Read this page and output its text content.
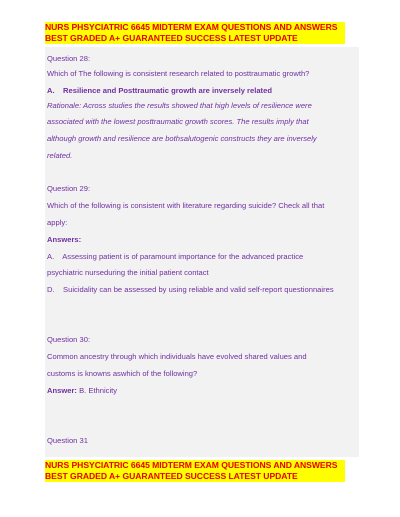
NURS PHSYCIATRIC 6645 MIDTERM EXAM QUESTIONS AND ANSWERS
BEST GRADED A+ GUARANTEED SUCCESS LATEST UPDATE
Question 28:
Which of The following is consistent research related to posttraumatic growth?
A. Resilience and Posttraumatic growth are inversely related
Rationale: Across studies the results showed that high levels of resilience were
associated with the lowest posttraumatic growth scores. The results imply that
although growth and resilience are bothsalutogenic constructs they are inversely
related.
Question 29:
Which of the following is consistent with literature regarding suicide? Check all that
apply:
Answers:
A. Assessing patient is of paramount importance for the advanced practice
psychiatric nurseduring the initial patient contact
D. Suicidality can be assessed by using reliable and valid self-report questionnaires
Question 30:
Common ancestry through which individuals have evolved shared values and
customs is knowns aswhich of the following?
Answer: B. Ethnicity
Question 31
NURS PHSYCIATRIC 6645 MIDTERM EXAM QUESTIONS AND ANSWERS
BEST GRADED A+ GUARANTEED SUCCESS LATEST UPDATE
